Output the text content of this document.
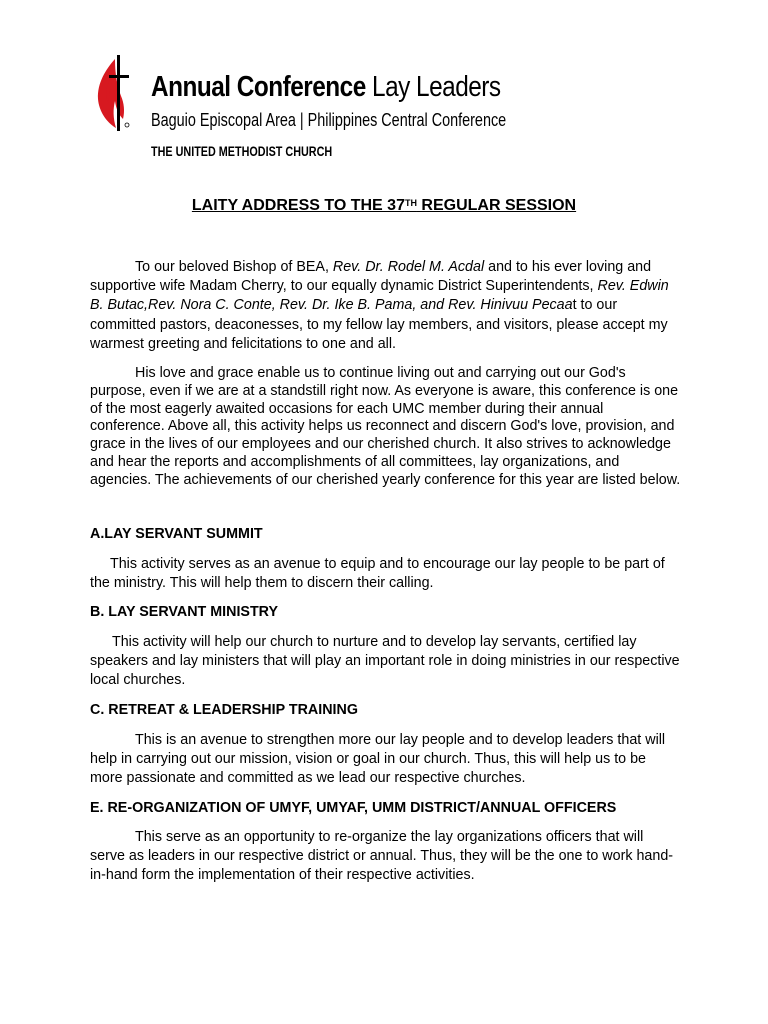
Annual Conference Lay Leaders
Baguio Episcopal Area | Philippines Central Conference
THE UNITED METHODIST CHURCH
LAITY ADDRESS TO THE 37TH REGULAR SESSION
To our beloved Bishop of BEA, Rev. Dr. Rodel M. Acdal and to his ever loving and supportive wife Madam Cherry, to our equally dynamic District Superintendents, Rev. Edwin B. Butac,Rev. Nora C. Conte, Rev. Dr. Ike B. Pama, and Rev. Hinivuu Pecaat to our committed pastors, deaconesses, to my fellow lay members, and visitors, please accept my warmest greeting and felicitations to one and all.
His love and grace enable us to continue living out and carrying out our God's purpose, even if we are at a standstill right now. As everyone is aware, this conference is one of the most eagerly awaited occasions for each UMC member during their annual conference. Above all, this activity helps us reconnect and discern God's love, provision, and grace in the lives of our employees and our cherished church. It also strives to acknowledge and hear the reports and accomplishments of all committees, lay organizations, and agencies. The achievements of our cherished yearly conference for this year are listed below.
A.LAY SERVANT SUMMIT
This activity serves as an avenue to equip and to encourage our lay people to be part of the ministry. This will help them to discern their calling.
B. LAY SERVANT MINISTRY
This activity will help our church to nurture and to develop lay servants, certified lay speakers and lay ministers that will play an important role in doing ministries in our respective local churches.
C. RETREAT & LEADERSHIP TRAINING
This is an avenue to strengthen more our lay people and to develop leaders that will help in carrying out our mission, vision or goal in our church. Thus, this will help us to be more passionate and committed as we lead our respective churches.
E. RE-ORGANIZATION OF UMYF, UMYAF, UMM DISTRICT/ANNUAL OFFICERS
This serve as an opportunity to re-organize the lay organizations officers that will serve as leaders in our respective district or annual. Thus, they will be the one to work hand-in-hand form the implementation of their respective activities.
